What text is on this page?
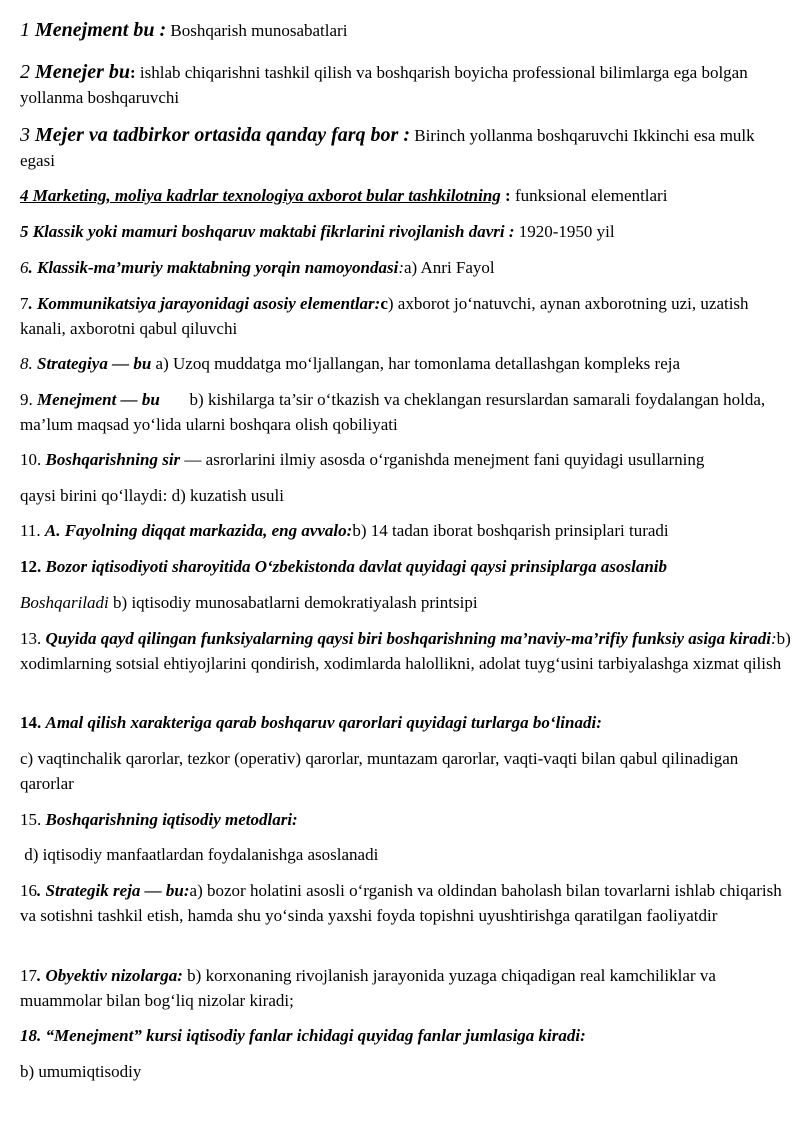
1 Menejment bu : Boshqarish munosabatlari

2 Menejer bu: ishlab chiqarishni tashkil qilish va boshqarish boyicha professional bilimlarga ega bolgan yollanma boshqaruvchi

3 Mejer va tadbirkor ortasida qanday farq bor : Birinch yollanma boshqaruvchi Ikkinchi esa mulk egasi

4 Marketing, moliya kadrlar texnologiya axborot bular tashkilotning : funksional elementlari

5 Klassik yoki mamuri boshqaruv maktabi fikrlarini rivojlanish davri : 1920-1950 yil

6. Klassik-ma’muriy maktabning yorqin namoyondasi:a) Anri Fayol

7. Kommunikatsiya jarayonidagi asosiy elementlar:c) axborot jo‘natuvchi, aynan axborotning uzi, uzatish kanali, axborotni qabul qiluvchi

8. Strategiya — bu a) Uzoq muddatga mo‘ljallangan, har tomonlama detallashgan kompleks reja

9. Menejment — bu       b) kishilarga ta’sir o‘tkazish va cheklangan resurslardan samarali foydalangan holda, ma’lum maqsad yo‘lida ularni boshqara olish qobiliyati

10. Boshqarishning sir — asrorlarini ilmiy asosda o‘rganishda menejment fani quyidagi usullarning

qaysi birini qo‘llaydi: d) kuzatish usuli

11. A. Fayolning diqqat markazida, eng avvalo:b) 14 tadan iborat boshqarish prinsiplari turadi

12. Bozor iqtisodiyoti sharoyitida O‘zbekistonda davlat quyidagi qaysi prinsiplarga asoslanib

Boshqariladi b) iqtisodiy munosabatlarni demokratiyalash printsipi

13. Quyida qayd qilingan funksiyalarning qaysi biri boshqarishning ma’naviy-ma’rifiy funksiy asiga kiradi:b) xodimlarning sotsial ehtiyojlarini qondirish, xodimlarda halollikni, adolat tuyg‘usini tarbiyalashga xizmat qilish

14. Amal qilish xarakteriga qarab boshqaruv qarorlari quyidagi turlarga bo‘linadi:

c) vaqtinchalik qarorlar, tezkor (operativ) qarorlar, muntazam qarorlar, vaqti-vaqti bilan qabul qilinadigan qarorlar

15. Boshqarishning iqtisodiy metodlari:

d) iqtisodiy manfaatlardan foydalanishga asoslanadi

16. Strategik reja — bu:a) bozor holatini asosli o‘rganish va oldindan baholash bilan tovarlarni ishlab chiqarish va sotishni tashkil etish, hamda shu yo‘sinda yaxshi foyda topishni uyushtirishga qaratilgan faoliyatdir

17. Obyektiv nizolarga: b) korxonaning rivojlanish jarayonida yuzaga chiqadigan real kamchiliklar va muammolar bilan bog‘liq nizolar kiradi;

18. “Menejment” kursi iqtisodiy fanlar ichidagi quyidag fanlar jumlasiga kiradi:

b) umumiqtisodiy
